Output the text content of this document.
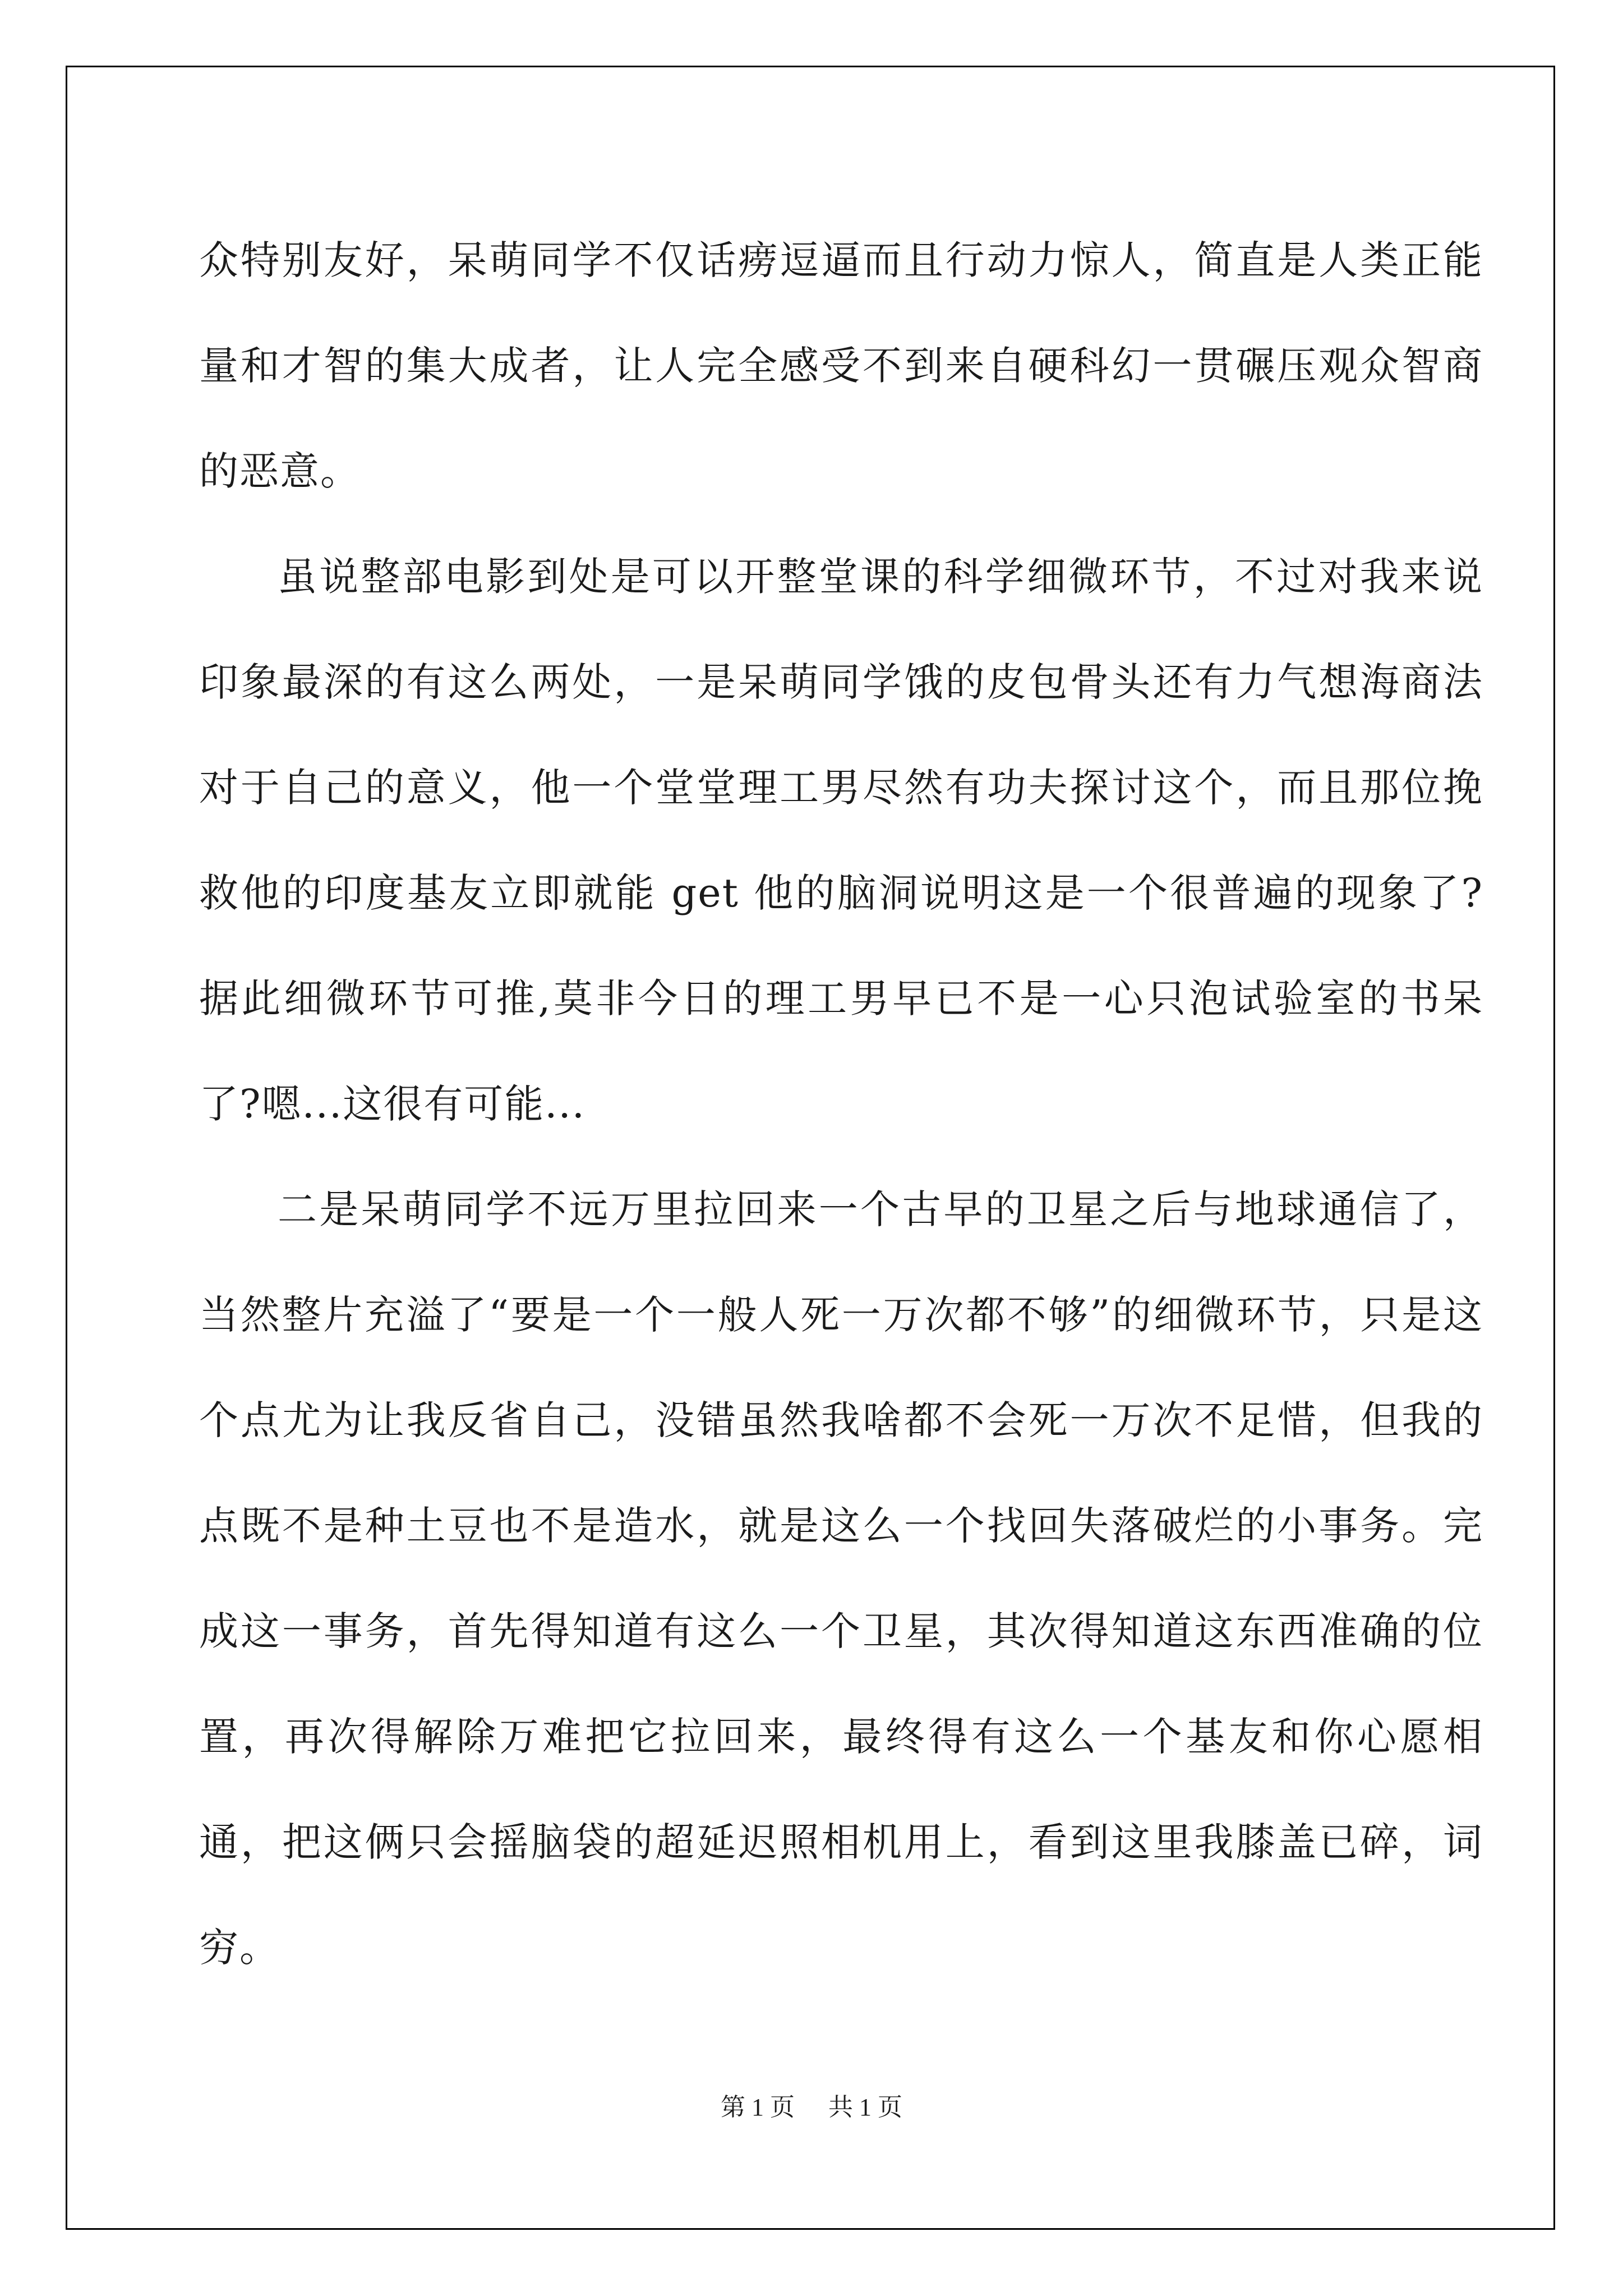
众特别友好，呆萌同学不仅话痨逗逼而且行动力惊人，简直是人类正能量和才智的集大成者，让人完全感受不到来自硬科幻一贯碾压观众智商的恶意。

虽说整部电影到处是可以开整堂课的科学细微环节，不过对我来说印象最深的有这么两处，一是呆萌同学饿的皮包骨头还有力气想海商法对于自己的意义，他一个堂堂理工男尽然有功夫探讨这个，而且那位挽救他的印度基友立即就能 get 他的脑洞说明这是一个很普遍的现象了?据此细微环节可推,莫非今日的理工男早已不是一心只泡试验室的书呆了?嗯...这很有可能...

二是呆萌同学不远万里拉回来一个古早的卫星之后与地球通信了，当然整片充溢了“要是一个一般人死一万次都不够”的细微环节，只是这个点尤为让我反省自己，没错虽然我啥都不会死一万次不足惜，但我的点既不是种土豆也不是造水，就是这么一个找回失落破烂的小事务。完成这一事务，首先得知道有这么一个卫星，其次得知道这东西准确的位置，再次得解除万难把它拉回来，最终得有这么一个基友和你心愿相通，把这俩只会摇脑袋的超延迟照相机用上，看到这里我膝盖已碎，词穷。

第 1 页 共 1 页
